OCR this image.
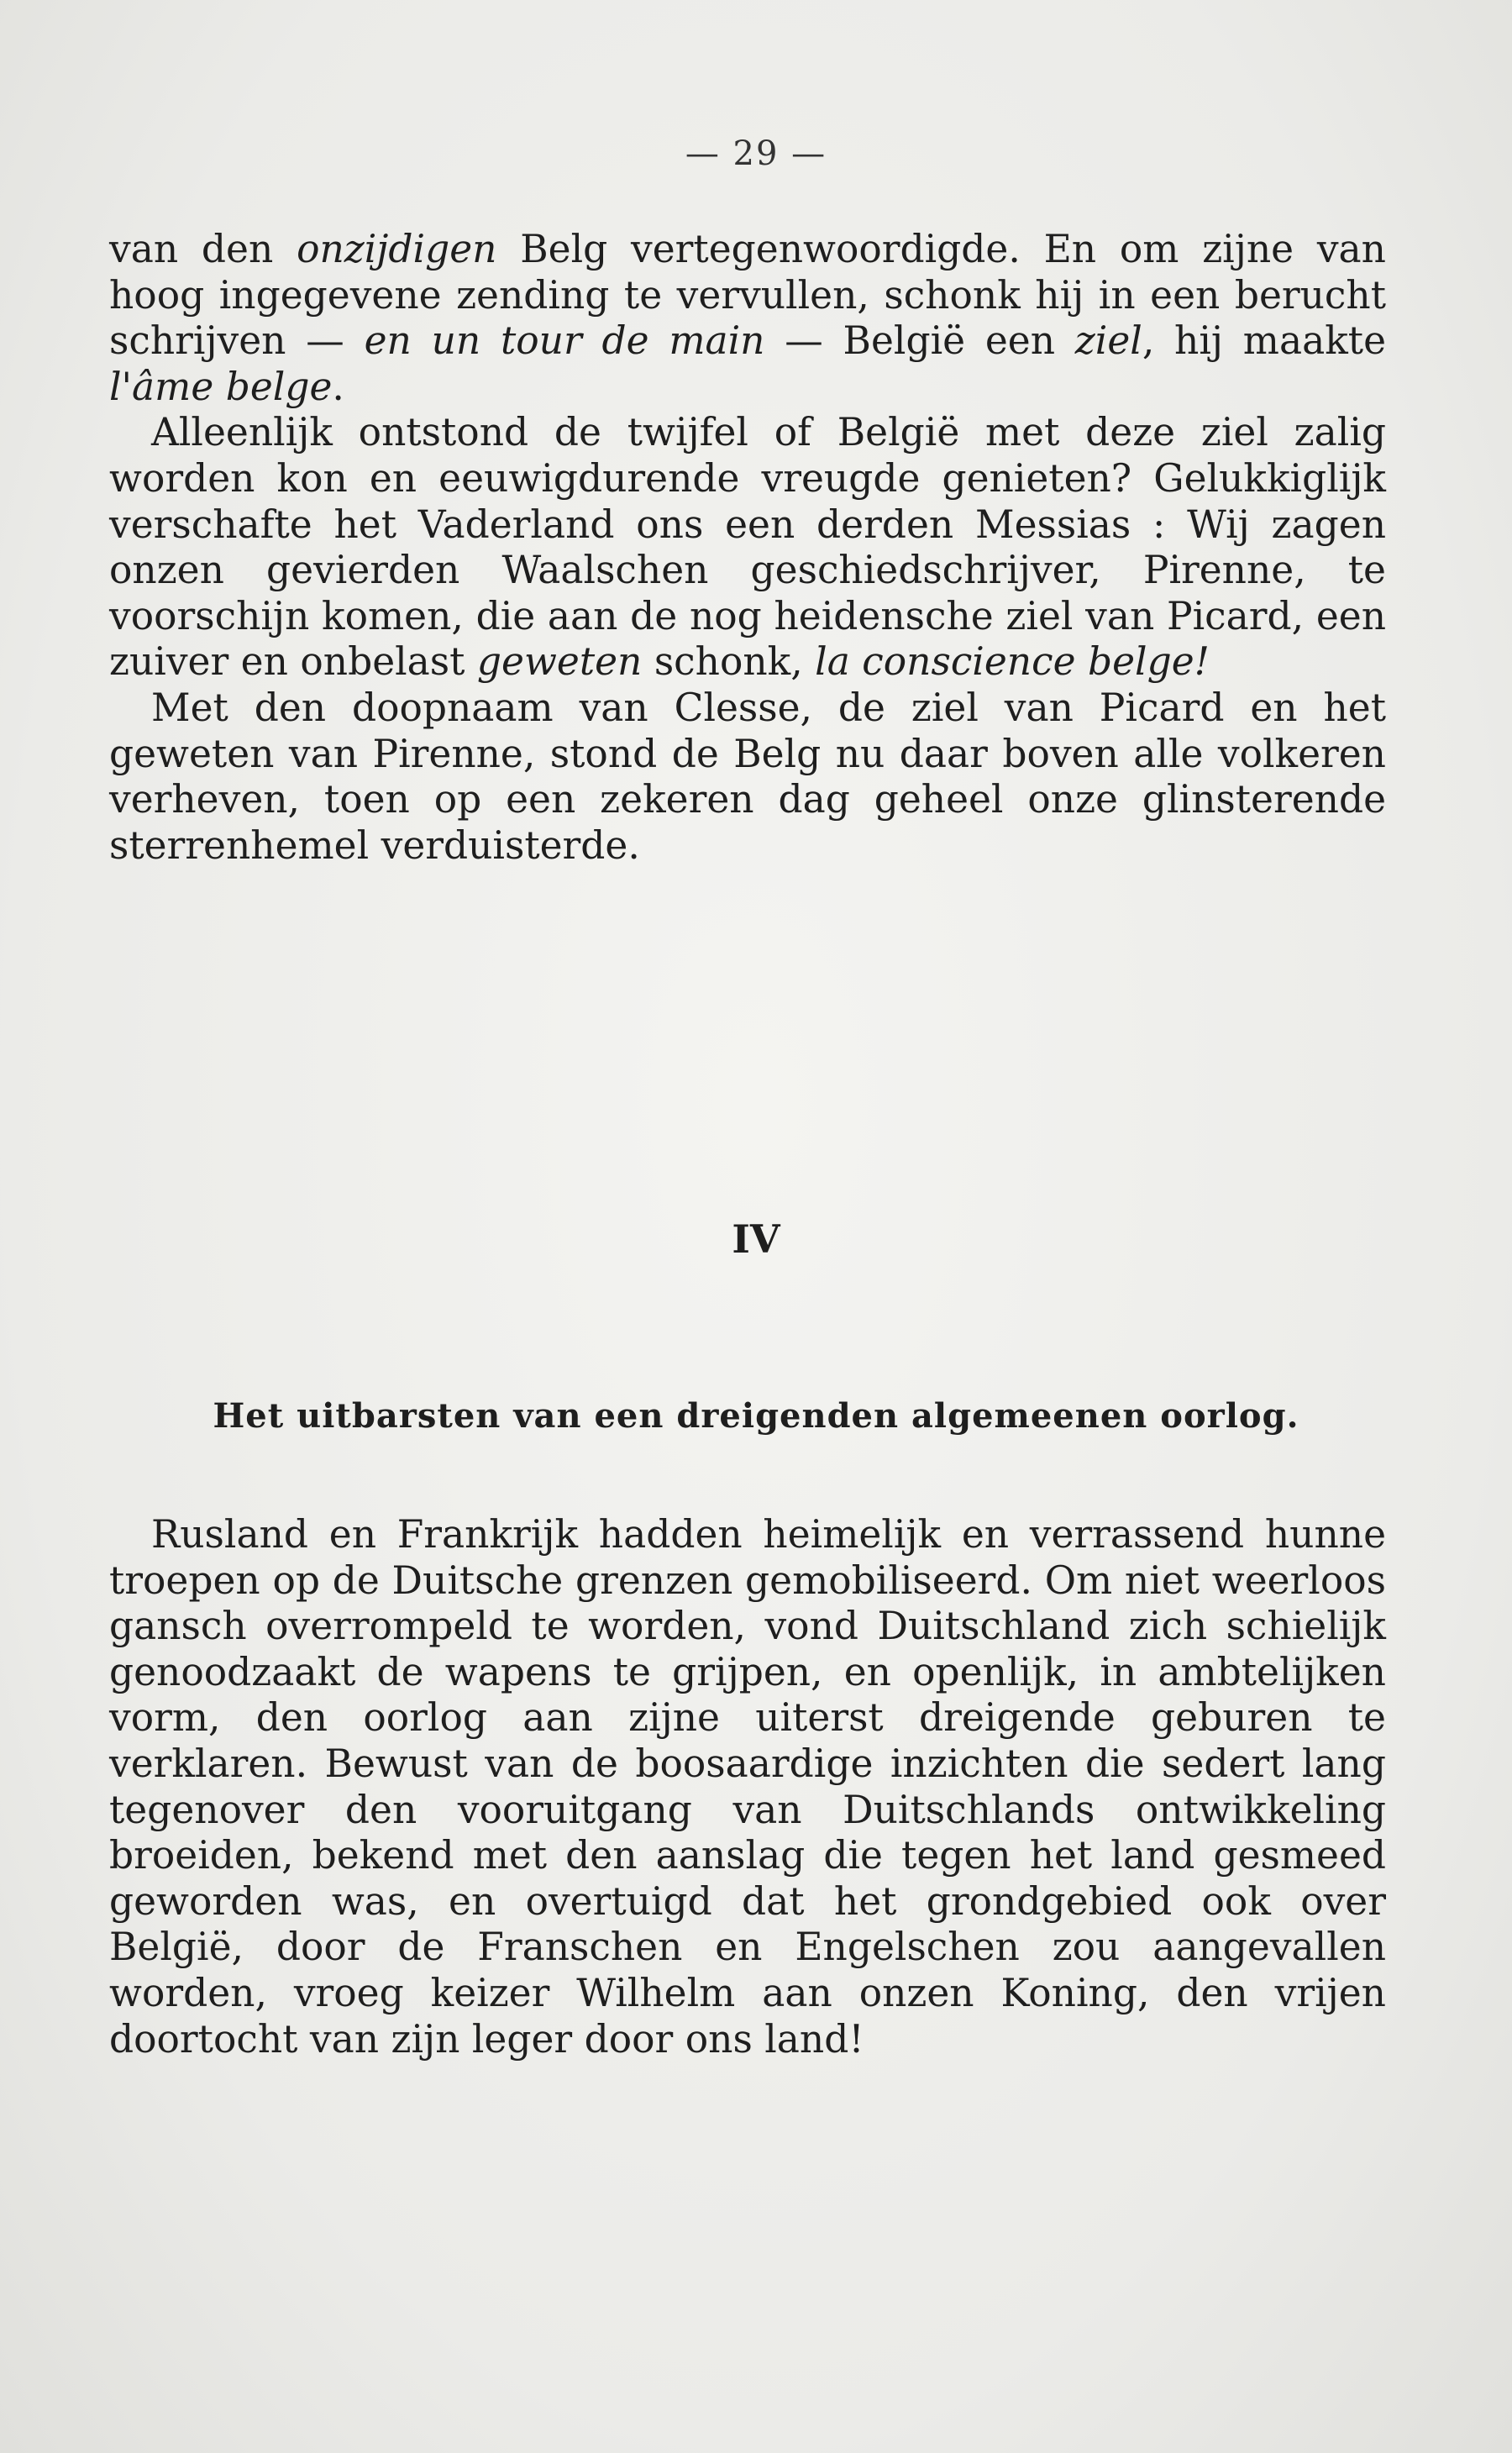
— 29 —

van den onzijdigen Belg vertegenwoordigde. En om zijne van hoog ingegevene zending te vervullen, schonk hij in een berucht schrijven — en un tour de main — België een ziel, hij maakte l'âme belge.

Alleenlijk ontstond de twijfel of België met deze ziel zalig worden kon en eeuwigdurende vreugde genieten? Gelukkiglijk verschafte het Vaderland ons een derden Messias : Wij zagen onzen gevierden Waalschen geschiedschrijver, Pirenne, te voorschijn komen, die aan de nog heidensche ziel van Picard, een zuiver en onbelast geweten schonk, la conscience belge!

Met den doopnaam van Clesse, de ziel van Picard en het geweten van Pirenne, stond de Belg nu daar boven alle volkeren verheven, toen op een zekeren dag geheel onze glinsterende sterrenhemel verduisterde.

IV
Het uitbarsten van een dreigenden algemeenen oorlog.

Rusland en Frankrijk hadden heimelijk en verrassend hunne troepen op de Duitsche grenzen gemobiliseerd. Om niet weerloos gansch overrompeld te worden, vond Duitschland zich schielijk genoodzaakt de wapens te grijpen, en openlijk, in ambtelijken vorm, den oorlog aan zijne uiterst dreigende geburen te verklaren. Bewust van de boosaardige inzichten die sedert lang tegenover den vooruitgang van Duitschlands ontwikkeling broeiden, bekend met den aanslag die tegen het land gesmeed geworden was, en overtuigd dat het grondgebied ook over België, door de Franschen en Engelschen zou aangevallen worden, vroeg keizer Wilhelm aan onzen Koning, den vrijen doortocht van zijn leger door ons land!
